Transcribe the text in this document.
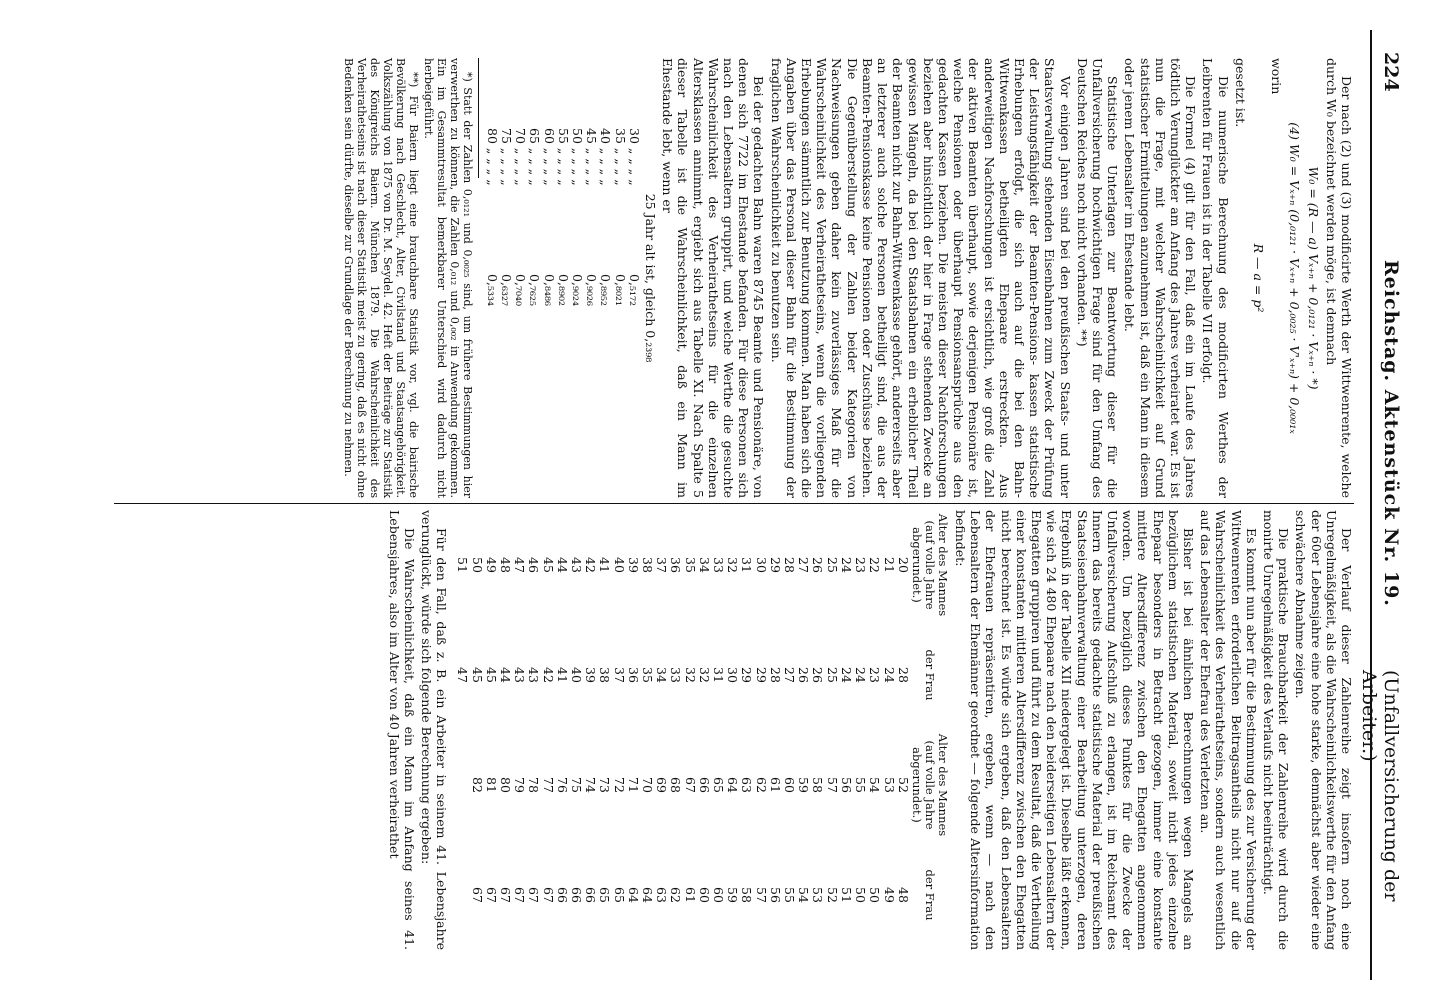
224
Reichstag. Aktenstück Nr. 19.
(Unfallversicherung der Arbeiter.)

Der nach (2) und (3) modificirte Werth der Wittwenrente, welche durch W₀ bezeichnet werden möge, ist demnach

W₀ = (R — a) Vₓ₊ₙ + 0,₀₁₂₁ · Vₓ₊ₙ · *)
(4) W₀ = Vₓ₊ₙ (0,₀₁₂₁ · Vₓ₊ₙ + 0,₀₀₂₅ · V'ₓ₊ₙ) + 0,₀₀₀₁ₓ

worin

R — a = p²

gesetzt ist.

Die numerische Berechnung des modificirten Werthes der Leibrenten für Frauen ist in der Tabelle VII erfolgt.

Die Formel (4) gilt für den Fall, daß ein im Laufe des Jahres tödtlich Verunglückter am Anfang des Jahres verheiratet war. Es ist nun die Frage, mit welcher Wahrscheinlichkeit auf Grund statistischer Ermittelungen anzunehmen ist, daß ein Mann in diesem oder jenem Lebensalter im Ehestande lebt.

Statistische Unterlagen zur Beantwortung dieser für die Unfallversicherung hochwichtigen Frage sind für den Umfang des Deutschen Reiches noch nicht vorhanden. **)

Vor einigen Jahren sind bei den preußischen Staats- und unter Staatsverwaltung stehenden Eisenbahnen zum Zweck der Prüfung der Leistungsfähigkeit der Beamten-Pensions- kassen statistische Erhebungen erfolgt, die sich auch auf die bei den Bahn-Wittwenkassen betheiligten Ehepaare erstreckten. Aus anderweitigen Nachforschungen ist ersichtlich, wie groß die Zahl der aktiven Beamten überhaupt, sowie derjenigen Pensionäre ist, welche Pensionen oder überhaupt Pensionsansprüche aus den gedachten Kassen beziehen. Die meisten dieser Nachforschungen beziehen aber hinsichtlich der hier in Frage stehenden Zwecke an gewissen Mängeln, da bei den Staatsbahnen ein erheblicher Theil der Beamten nicht zur Bahn-Wittwenkasse gehört, andererseits aber an letzterer auch solche Personen betheiligt sind, die aus der Beamten-Pensionskasse keine Pensionen oder Zuschüsse beziehen. Die Gegenüberstellung der Zahlen beider Kategorien von Nachweisungen geben daher kein zuverlässiges Maß für die Wahrscheinlichkeit des Verheirathetseins, wenn die vorliegenden Erhebungen sämmtlich zur Benutzung kommen. Man haben sich die Angaben über das Personal dieser Bahn für die Bestimmung der fraglichen Wahrscheinlichkeit zu benutzen sein.

Bei der gedachten Bahn waren 8745 Beamte und Pensionäre, von denen sich 7722 im Ehestande befanden. Für diese Personen sich nach den Lebensaltern gruppirt, und welche Werthe die gesuchte Wahrscheinlichkeit des Verheirathetseins für die einzelnen Altersklassen annimmt, ergiebt sich aus Tabelle XI. Nach Spalte 5 dieser Tabelle ist die Wahrscheinlichkeit, daß ein Mann im Ehestande lebt, wenn er

25 Jahr alt ist, gleich 0,₂₃₉₈
30 „ „ „ „	0,₅₁₇₂
35 „ „ „ „	0,₈₀₂₁
40 „ „ „ „	0,₈₉₅₂
45 „ „ „ „	0,₉₀₂₆
50 „ „ „ „	0,₉₀₂₄
55 „ „ „ „	0,₈₉₀₂
60 „ „ „ „	0,₈₄₈₆
65 „ „ „ „	0,₇₆₂₅
70 „ „ „ „	0,₇₀₄₀
75 „ „ „ „	0,₆₃₂₇
80 „ „ „ „	0,₅₃₃₄

*) Statt der Zahlen 0,₀₁₂₁ und 0,₀₀₂₅ sind, um frühere Bestimmungen hier verwerthen zu können, die Zahlen 0,₀₁₂ und 0,₀₀₂ in Anwendung gekommen. Ein im Gesammtresultat bemerkbarer Unterschied wird dadurch nicht herbeigeführt.

**) Für Baiern liegt eine brauchbare Statistik vor, vgl. die bairische Bevölkerung nach Geschlecht, Alter, Civilstand und Staatsangehörigkeit. Volkszählung von 1875 von Dr. M. Seydel. 42. Heft der Beiträge zur Statistik des Königreichs Baiern. München 1879. Die Wahrscheinlichkeit des Verheirathetseins ist nach dieser Statistik meist zu gering, daß es nicht ohne Bedenken sein dürfte, dieselbe zur Grundlage der Berechnung zu nehmen.

Der Verlauf dieser Zahlenreihe zeigt insofern noch eine Unregelmäßigkeit, als die Wahrscheinlichkeitswerthe für den Anfang der 60er Lebensjahre eine hohe starke, demnächst aber wieder eine schwächere Abnahme zeigen.

Die praktische Brauchbarkeit der Zahlenreihe wird durch die monirte Unregelmäßigkeit des Verlaufs nicht beeinträchtigt.

Es kommt nun aber für die Bestimmung des zur Versicherung der Wittwenrenten erforderlichen Beitragsantheils nicht nur auf die Wahrscheinlichkeit des Verheirathetseins, sondern auch wesentlich auf das Lebensalter der Ehefrau des Verletzten an.

Bisher ist bei ähnlichen Berechnungen wegen Mangels an bezüglichem statistischen Material, soweit nicht jedes einzelne Ehepaar besonders in Betracht gezogen, immer eine konstante mittlere Altersdifferenz zwischen den Ehegatten angenommen worden. Um bezüglich dieses Punktes für die Zwecke der Unfallversicherung Aufschluß zu erlangen, ist im Reichsamt des Innern das bereits gedachte statistische Material der preußischen Staatseisenbahnverwaltung einer Bearbeitung unterzogen, deren Ergebniß in der Tabelle XII niedergelegt ist. Dieselbe läßt erkennen, wie sich 24 480 Ehepaare nach den beiderseitigen Lebensaltern der Ehegatten gruppiren und führt zu dem Resultat, daß die Vertheilung einer konstanten mittleren Altersdifferenz zwischen den Ehegatten nicht berechnet ist. Es würde sich ergeben, daß den Lebensaltern der Ehefrauen repräsentiren, ergeben, wenn — nach den Lebensaltern der Ehemänner geordnet — folgende Altersinformation befindet:

Alter des Mannes (auf volle Jahre abgerundet.)	der Frau	Alter des Mannes (auf volle Jahre abgerundet.)	der Frau
20	28	52	48
21	24	53	49
22	23	54	50
23	24	55	50
24	24	56	51
25	25	57	52
26	26	58	53
27	26	59	54
28	27	60	55
29	28	61	56
30	29	62	57
31	29	63	58
32	30	64	59
33	31	65	60
34	32	66	60
35	32	67	61
36	33	68	62
37	34	69	63
38	35	70	64
39	36	71	64
40	37	72	65
41	38	73	65
42	39	74	66
43	40	75	66
44	41	76	66
45	42	77	67
46	43	78	67
47	43	79	67
48	44	80	67
49	45	81	67
50	45	82	67
51	47		

Für den Fall, daß z. B. ein Arbeiter in seinem 41. Lebensjahre verunglückt, würde sich folgende Berechnung ergeben:

Die Wahrscheinlichkeit, daß ein Mann im Anfang seines 41. Lebensjahres, also im Alter von 40 Jahren verheirathet
